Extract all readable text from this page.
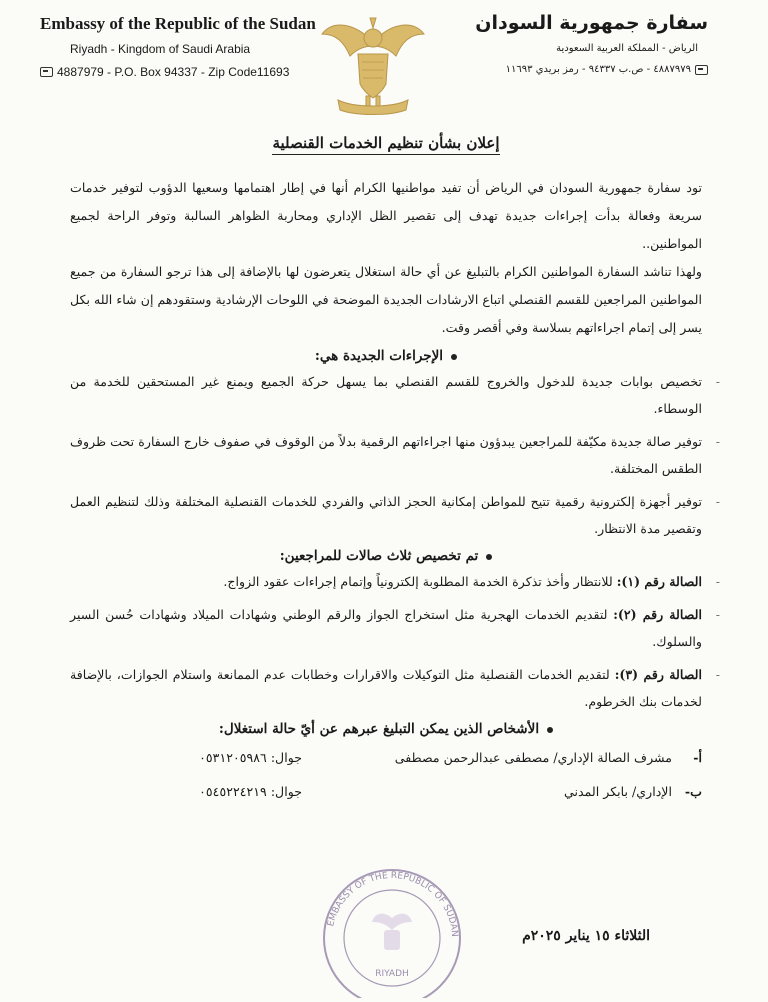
Embassy of the Republic of the Sudan
Riyadh - Kingdom of Saudi Arabia
4887979 - P.O. Box 94337 - Zip Code11693
سفارة جمهورية السودان
الرياض - المملكة العربية السعودية
٤٨٨٧٩٧٩ - ص.ب ٩٤٣٣٧ - رمز بريدي ١١٦٩٣
إعلان بشأن تنظيم الخدمات القنصلية

تود سفارة جمهورية السودان في الرياض أن تفيد مواطنيها الكرام أنها في إطار اهتمامها وسعيها الدؤوب لتوفير خدمات سريعة وفعالة بدأت إجراءات جديدة تهدف إلى تقصير الظل الإداري ومحاربة الظواهر السالبة وتوفر الراحة لجميع المواطنين..

ولهذا تناشد السفارة المواطنين الكرام بالتبليغ عن أي حالة استغلال يتعرضون لها بالإضافة إلى هذا ترجو السفارة من جميع المواطنين المراجعين للقسم القنصلي اتباع الارشادات الجديدة الموضحة في اللوحات الإرشادية وستقودهم إن شاء الله بكل يسر إلى إتمام اجراءاتهم بسلاسة وفي أقصر وقت.

الإجراءات الجديدة هي:
-
تخصيص بوابات جديدة للدخول والخروج للقسم القنصلي بما يسهل حركة الجميع ويمنع غير المستحقين للخدمة من الوسطاء.
-
توفير صالة جديدة مكيّفة للمراجعين يبدؤون منها اجراءاتهم الرقمية بدلاً من الوقوف في صفوف خارج السفارة تحت ظروف الطقس المختلفة.
-
توفير أجهزة إلكترونية رقمية تتيح للمواطن إمكانية الحجز الذاتي والفردي للخدمات القنصلية المختلفة وذلك لتنظيم العمل وتقصير مدة الانتظار.
تم تخصيص ثلاث صالات للمراجعين:
-
الصالة رقم (١): للانتظار وأخذ تذكرة الخدمة المطلوبة إلكترونياً وإتمام إجراءات عقود الزواج.
-
الصالة رقم (٢): لتقديم الخدمات الهجرية مثل استخراج الجواز والرقم الوطني وشهادات الميلاد وشهادات حُسن السير والسلوك.
-
الصالة رقم (٣): لتقديم الخدمات القنصلية مثل التوكيلات والاقرارات وخطابات عدم الممانعة واستلام الجوازات، بالإضافة لخدمات بنك الخرطوم.
الأشخاص الذين يمكن التبليغ عبرهم عن أيّ حالة استغلال:
أ-
مشرف الصالة الإداري/ مصطفى عبدالرحمن مصطفى
جوال: ٠٥٣١٢٠٥٩٨٦
ب-
الإداري/ بابكر المدني
جوال: ٠٥٤٥٢٢٤٢١٩
EMBASSY OF THE REPUBLIC OF SUDAN
RIYADH
الثلاثاء ١٥ يناير ٢٠٢٥م
